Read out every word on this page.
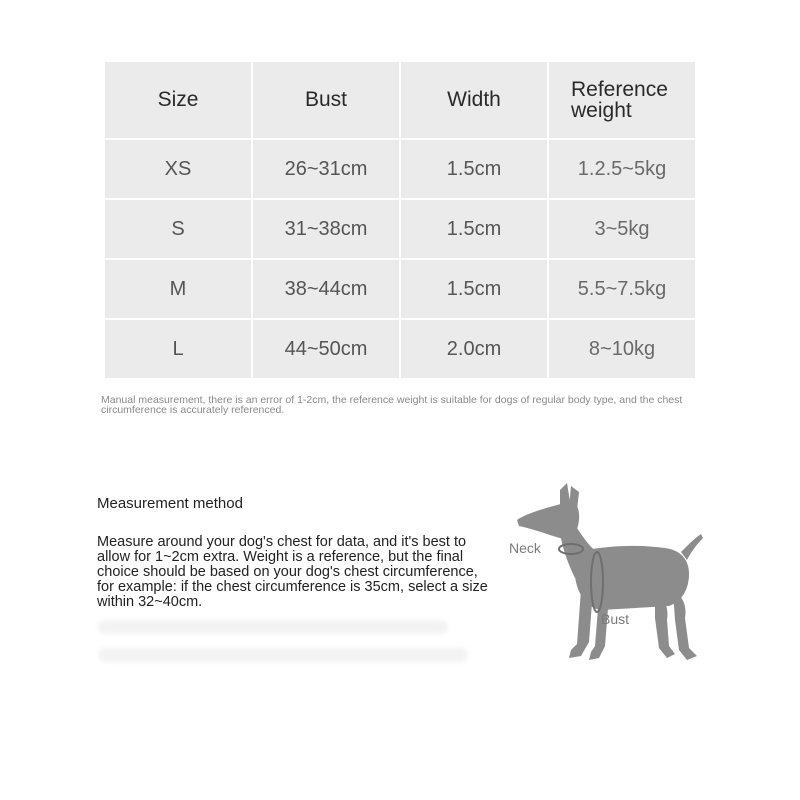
Size	Bust	Width	Reference
weight
XS	26~31cm	1.5cm	1.2.5~5kg
S	31~38cm	1.5cm	3~5kg
M	38~44cm	1.5cm	5.5~7.5kg
L	44~50cm	2.0cm	8~10kg
Manual measurement, there is an error of 1-2cm, the reference weight is suitable for dogs of regular body type, and the chest circumference is accurately referenced.
Measurement method
Measure around your dog's chest for data, and it's best to allow for 1~2cm extra. Weight is a reference, but the final choice should be based on your dog's chest circumference, for example: if the chest circumference is 35cm, select a size within 32~40cm.
Neck
Bust
